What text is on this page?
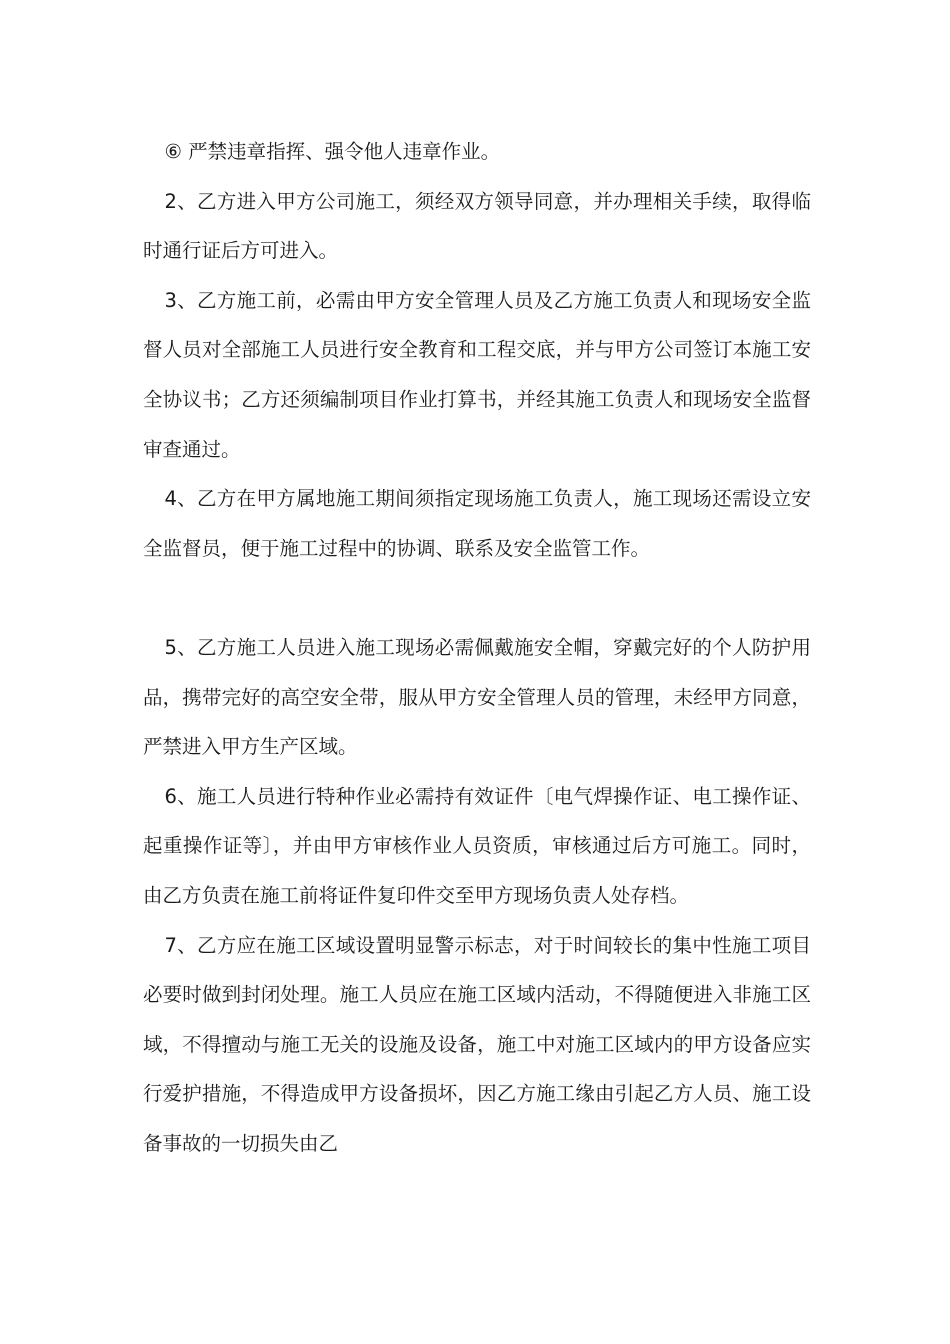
⑥ 严禁违章指挥、强令他人违章作业。

2、乙方进入甲方公司施工，须经双方领导同意，并办理相关手续，取得临时通行证后方可进入。

3、乙方施工前，必需由甲方安全管理人员及乙方施工负责人和现场安全监督人员对全部施工人员进行安全教育和工程交底，并与甲方公司签订本施工安全协议书；乙方还须编制项目作业打算书，并经其施工负责人和现场安全监督审查通过。

4、乙方在甲方属地施工期间须指定现场施工负责人，施工现场还需设立安全监督员，便于施工过程中的协调、联系及安全监管工作。

5、乙方施工人员进入施工现场必需佩戴施安全帽，穿戴完好的个人防护用品，携带完好的高空安全带，服从甲方安全管理人员的管理，未经甲方同意，严禁进入甲方生产区域。

6、施工人员进行特种作业必需持有效证件〔电气焊操作证、电工操作证、起重操作证等〕，并由甲方审核作业人员资质，审核通过后方可施工。同时，由乙方负责在施工前将证件复印件交至甲方现场负责人处存档。

7、乙方应在施工区域设置明显警示标志，对于时间较长的集中性施工项目必要时做到封闭处理。施工人员应在施工区域内活动，不得随便进入非施工区域，不得擅动与施工无关的设施及设备，施工中对施工区域内的甲方设备应实行爱护措施，不得造成甲方设备损坏，因乙方施工缘由引起乙方人员、施工设备事故的一切损失由乙
